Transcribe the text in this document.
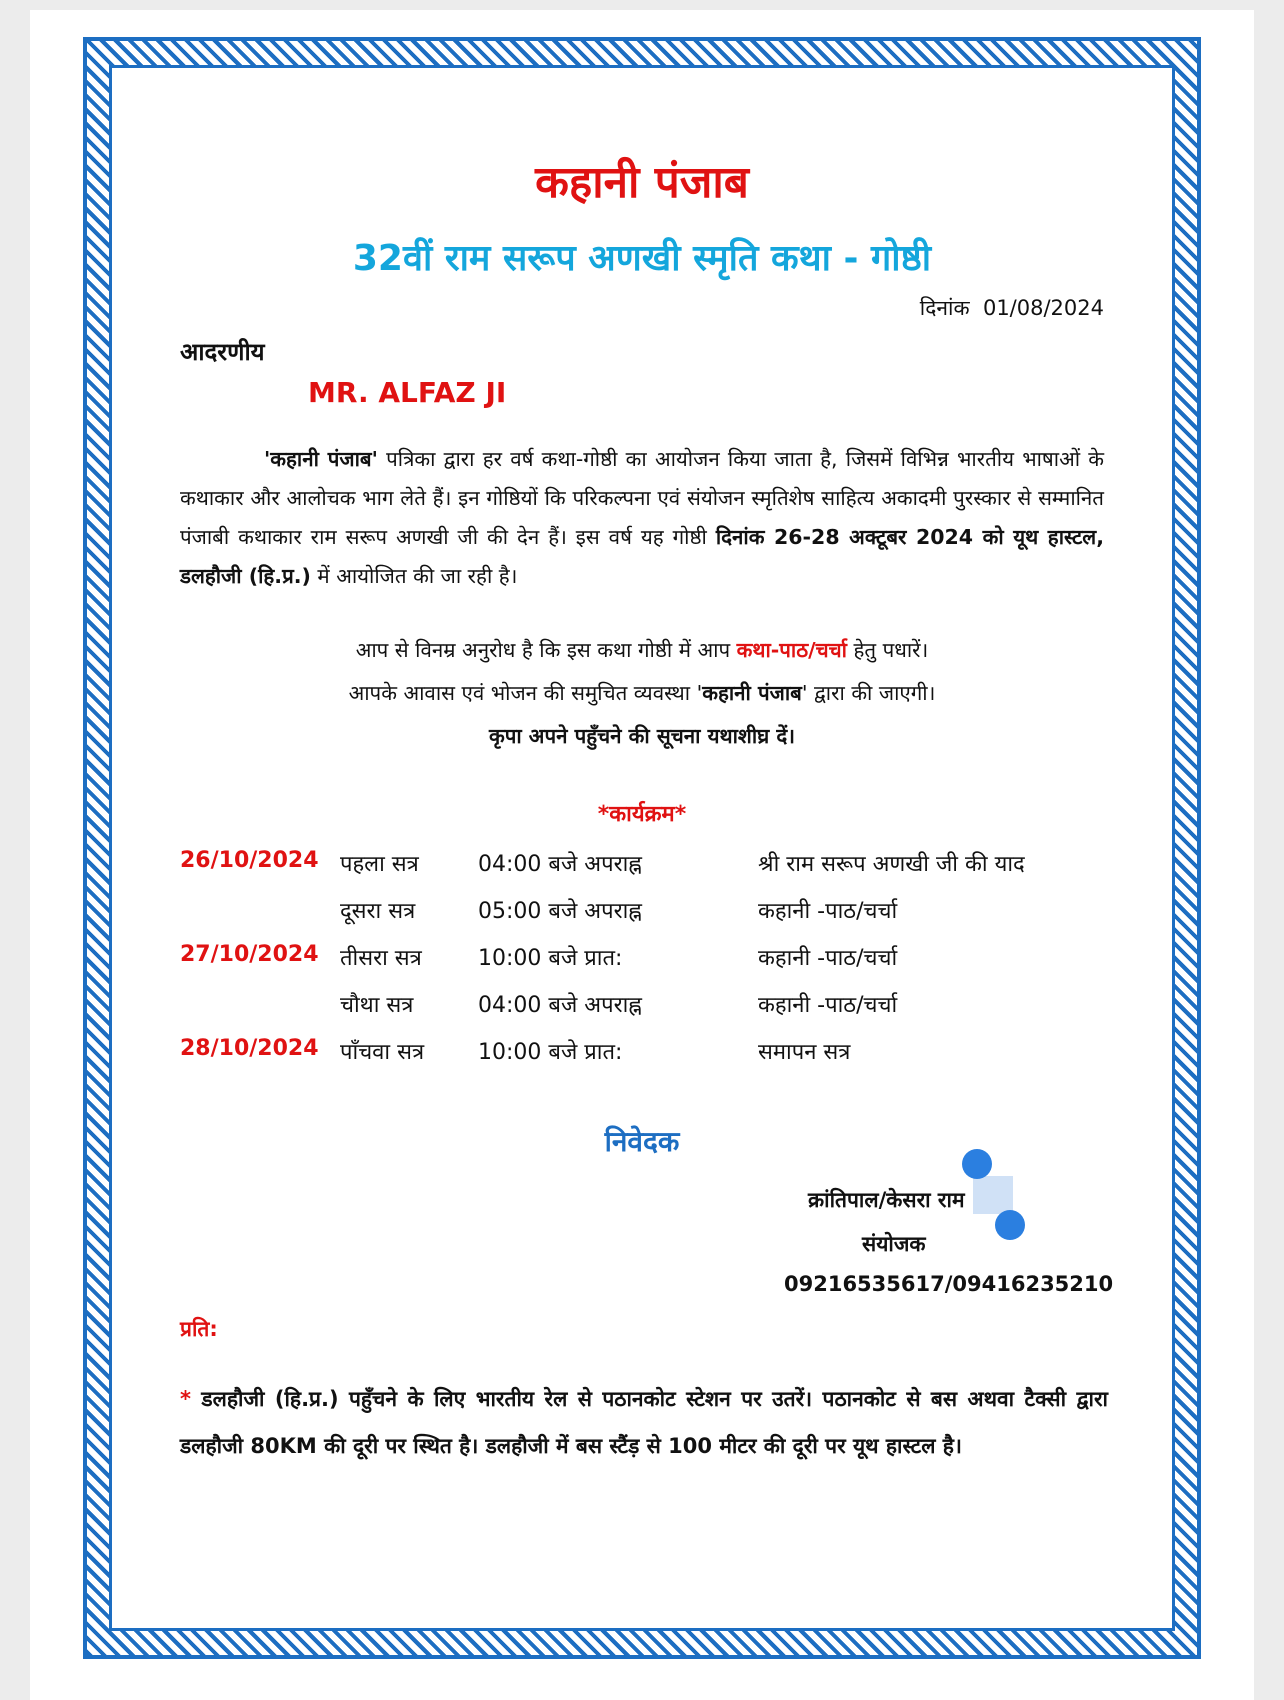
कहानी पंजाब
32वीं राम सरूप अणखी स्मृति कथा - गोष्ठी
दिनांक 01/08/2024
आदरणीय
MR. ALFAZ JI
'कहानी पंजाब' पत्रिका द्वारा हर वर्ष कथा-गोष्ठी का आयोजन किया जाता है, जिसमें विभिन्न भारतीय भाषाओं के कथाकार और आलोचक भाग लेते हैं। इन गोष्ठियों कि परिकल्पना एवं संयोजन स्मृतिशेष साहित्य अकादमी पुरस्कार से सम्मानित पंजाबी कथाकार राम सरूप अणखी जी की देन हैं। इस वर्ष यह गोष्ठी दिनांक 26-28 अक्टूबर 2024 को यूथ हास्टल, डलहौजी (हि.प्र.) में आयोजित की जा रही है।
आप से विनम्र अनुरोध है कि इस कथा गोष्ठी में आप कथा-पाठ/चर्चा हेतु पधारें।
आपके आवास एवं भोजन की समुचित व्यवस्था 'कहानी पंजाब' द्वारा की जाएगी।
कृपा अपने पहुँचने की सूचना यथाशीघ्र दें।
*कार्यक्रम*
26/10/2024 पहला सत्र	04:00 बजे अपराह्न	श्री राम सरूप अणखी जी की याद
दूसरा सत्र	05:00 बजे अपराह्न	कहानी -पाठ/चर्चा
27/10/2024 तीसरा सत्र	10:00 बजे प्रात:	कहानी -पाठ/चर्चा
चौथा सत्र	04:00 बजे अपराह्न	कहानी -पाठ/चर्चा
28/10/2024 पाँचवा सत्र 10:00 बजे प्रात:	समापन सत्र
निवेदक
क्रांतिपाल/केसरा राम
संयोजक
09216535617/09416235210
प्रति:
* डलहौजी (हि.प्र.) पहुँचने के लिए भारतीय रेल से पठानकोट स्टेशन पर उतरें। पठानकोट से बस अथवा टैक्सी द्वारा डलहौजी 80KM की दूरी पर स्थित है। डलहौजी में बस स्टैंड़ से 100 मीटर की दूरी पर यूथ हास्टल है।
